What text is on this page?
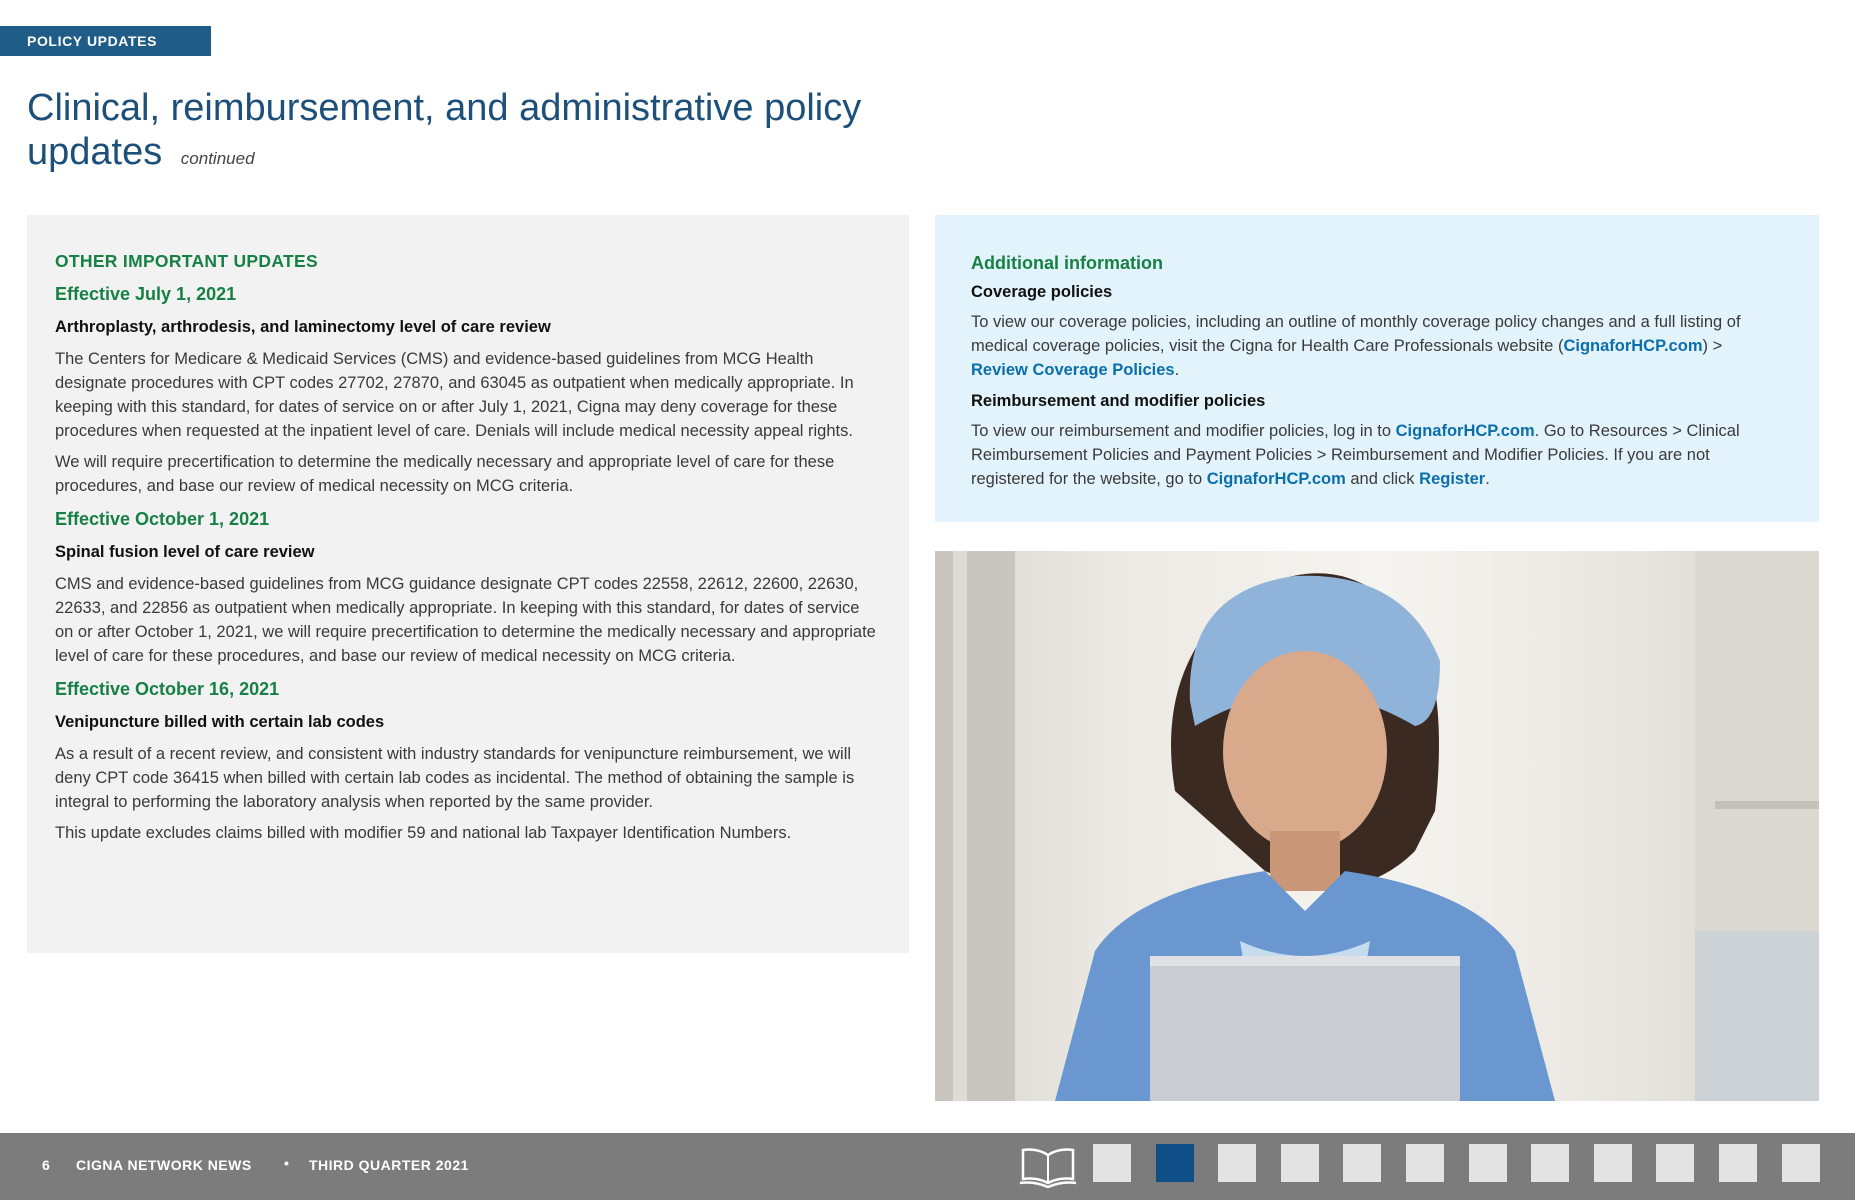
POLICY UPDATES
Clinical, reimbursement, and administrative policy updates continued
OTHER IMPORTANT UPDATES
Effective July 1, 2021
Arthroplasty, arthrodesis, and laminectomy level of care review

The Centers for Medicare & Medicaid Services (CMS) and evidence-based guidelines from MCG Health designate procedures with CPT codes 27702, 27870, and 63045 as outpatient when medically appropriate. In keeping with this standard, for dates of service on or after July 1, 2021, Cigna may deny coverage for these procedures when requested at the inpatient level of care. Denials will include medical necessity appeal rights.

We will require precertification to determine the medically necessary and appropriate level of care for these procedures, and base our review of medical necessity on MCG criteria.

Effective October 1, 2021
Spinal fusion level of care review

CMS and evidence-based guidelines from MCG guidance designate CPT codes 22558, 22612, 22600, 22630, 22633, and 22856 as outpatient when medically appropriate. In keeping with this standard, for dates of service on or after October 1, 2021, we will require precertification to determine the medically necessary and appropriate level of care for these procedures, and base our review of medical necessity on MCG criteria.

Effective October 16, 2021
Venipuncture billed with certain lab codes

As a result of a recent review, and consistent with industry standards for venipuncture reimbursement, we will deny CPT code 36415 when billed with certain lab codes as incidental. The method of obtaining the sample is integral to performing the laboratory analysis when reported by the same provider.

This update excludes claims billed with modifier 59 and national lab Taxpayer Identification Numbers.

Additional information
Coverage policies

To view our coverage policies, including an outline of monthly coverage policy changes and a full listing of medical coverage policies, visit the Cigna for Health Care Professionals website (CignaforHCP.com) > Review Coverage Policies.

Reimbursement and modifier policies

To view our reimbursement and modifier policies, log in to CignaforHCP.com. Go to Resources > Clinical Reimbursement Policies and Payment Policies > Reimbursement and Modifier Policies. If you are not registered for the website, go to CignaforHCP.com and click Register.

6 CIGNA NETWORK NEWS • THIRD QUARTER 2021
